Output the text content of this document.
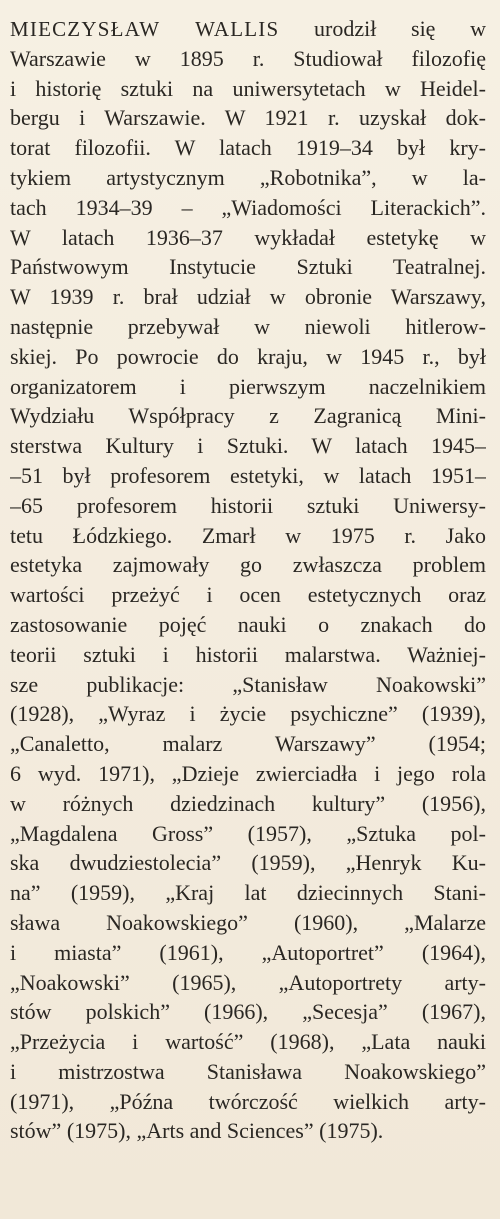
MIECZYSŁAW WALLIS urodził się w
Warszawie w 1895 r. Studiował filozofię
i historię sztuki na uniwersytetach w Heidel-
bergu i Warszawie. W 1921 r. uzyskał dok-
torat filozofii. W latach 1919–34 był kry-
tykiem artystycznym „Robotnika”, w la-
tach 1934–39 – „Wiadomości Literackich”.
W latach 1936–37 wykładał estetykę w
Państwowym Instytucie Sztuki Teatralnej.
W 1939 r. brał udział w obronie Warszawy,
następnie przebywał w niewoli hitlerow-
skiej. Po powrocie do kraju, w 1945 r., był
organizatorem i pierwszym naczelnikiem
Wydziału Współpracy z Zagranicą Mini-
sterstwa Kultury i Sztuki. W latach 1945–
–51 był profesorem estetyki, w latach 1951–
–65 profesorem historii sztuki Uniwersy-
tetu Łódzkiego. Zmarł w 1975 r. Jako
estetyka zajmowały go zwłaszcza problem
wartości przeżyć i ocen estetycznych oraz
zastosowanie pojęć nauki o znakach do
teorii sztuki i historii malarstwa. Ważniej-
sze publikacje: „Stanisław Noakowski”
(1928), „Wyraz i życie psychiczne” (1939),
„Canaletto, malarz Warszawy” (1954;
6 wyd. 1971), „Dzieje zwierciadła i jego rola
w różnych dziedzinach kultury” (1956),
„Magdalena Gross” (1957), „Sztuka pol-
ska dwudziestolecia” (1959), „Henryk Ku-
na” (1959), „Kraj lat dziecinnych Stani-
sława Noakowskiego” (1960), „Malarze
i miasta” (1961), „Autoportret” (1964),
„Noakowski” (1965), „Autoportrety arty-
stów polskich” (1966), „Secesja” (1967),
„Przeżycia i wartość” (1968), „Lata nauki
i mistrzostwa Stanisława Noakowskiego”
(1971), „Późna twórczość wielkich arty-
stów” (1975), „Arts and Sciences” (1975).
